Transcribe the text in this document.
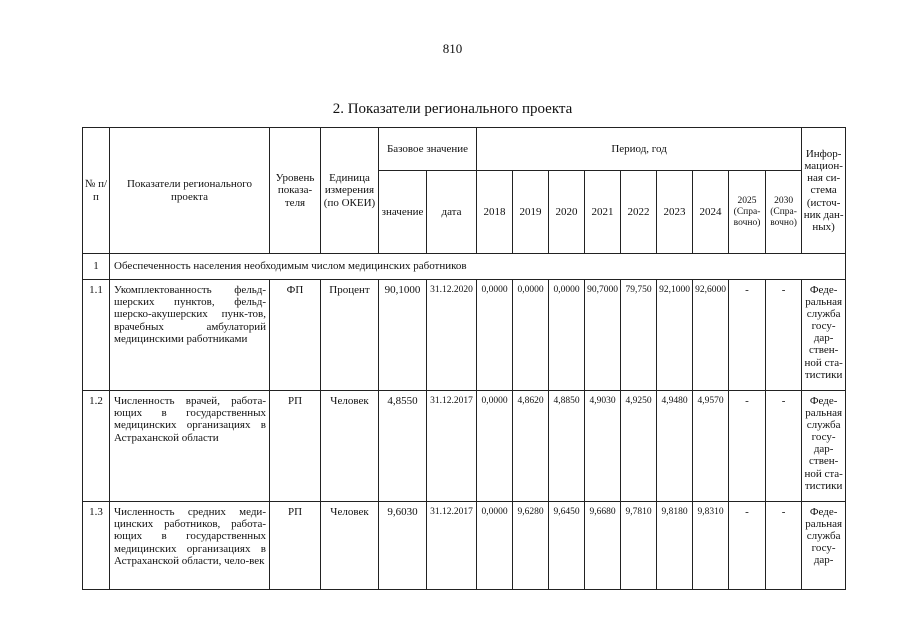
810
2. Показатели регионального проекта
№ п/п	Показатели регионального проекта	Уровень показа-теля	Единица измерения (по ОКЕИ)	Базовое значение		Период, год									Инфор-мацион-ная си-стема (источ-ник дан-ных)
				значение	дата	2018	2019	2020	2021	2022	2023	2024	2025 (Спра-вочно)	2030 (Спра-вочно)	
1	Обеспеченность населения необходимым числом медицинских работников														
1.1	Укомплектованность фельд-шерских пунктов, фельд-шерско-акушерских пунк-тов, врачебных амбулаторий медицинскими работниками	ФП	Процент	90,1000	31.12.2020	0,0000	0,0000	0,0000	90,7000	79,750	92,1000	92,6000	-	-	Феде-ральная служба госу-дар-ствен-ной ста-тистики
1.2	Численность врачей, работа-ющих в государственных медицинских организациях в Астраханской области	РП	Человек	4,8550	31.12.2017	0,0000	4,8620	4,8850	4,9030	4,9250	4,9480	4,9570	-	-	Феде-ральная служба госу-дар-ствен-ной ста-тистики
1.3	Численность средних меди-цинских работников, работа-ющих в государственных медицинских организациях в Астраханской области, чело-век	РП	Человек	9,6030	31.12.2017	0,0000	9,6280	9,6450	9,6680	9,7810	9,8180	9,8310	-	-	Феде-ральная служба госу-дар-
